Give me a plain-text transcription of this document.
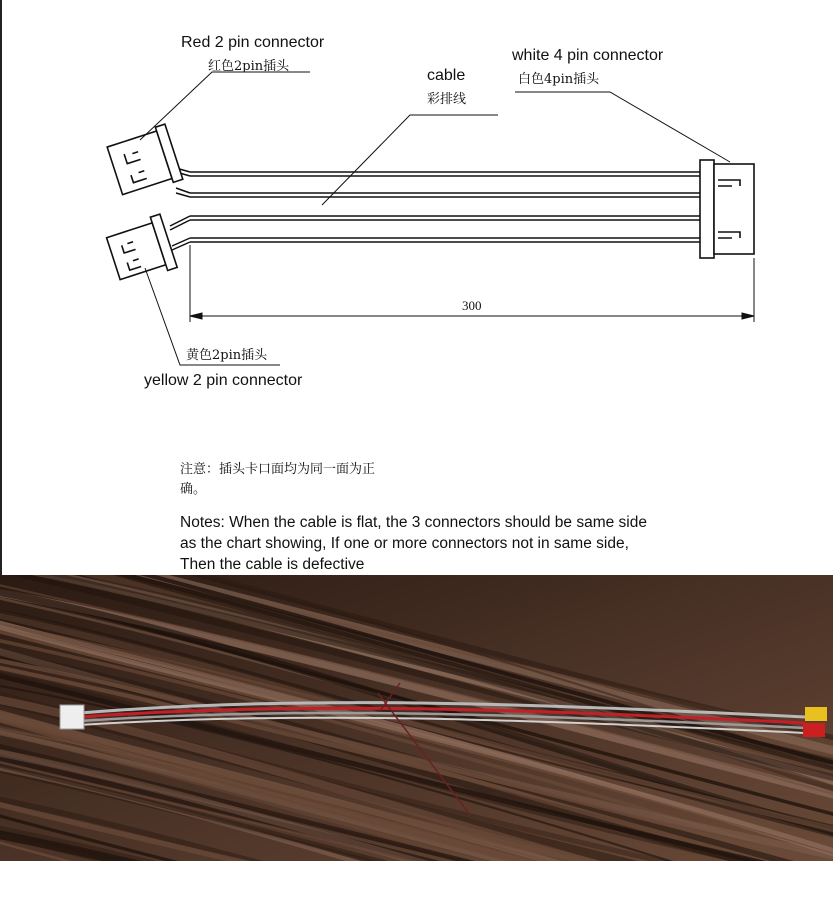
Red 2 pin connector
红色2pin插头
cable
彩排线
white 4 pin connector
白色4pin插头
300
黄色2pin插头
yellow 2 pin connector
注意：插头卡口面均为同一面为正确。
Notes: When the cable is flat, the 3 connectors should be same side as the chart showing, If one or more connectors not in same side, Then the cable is defective
